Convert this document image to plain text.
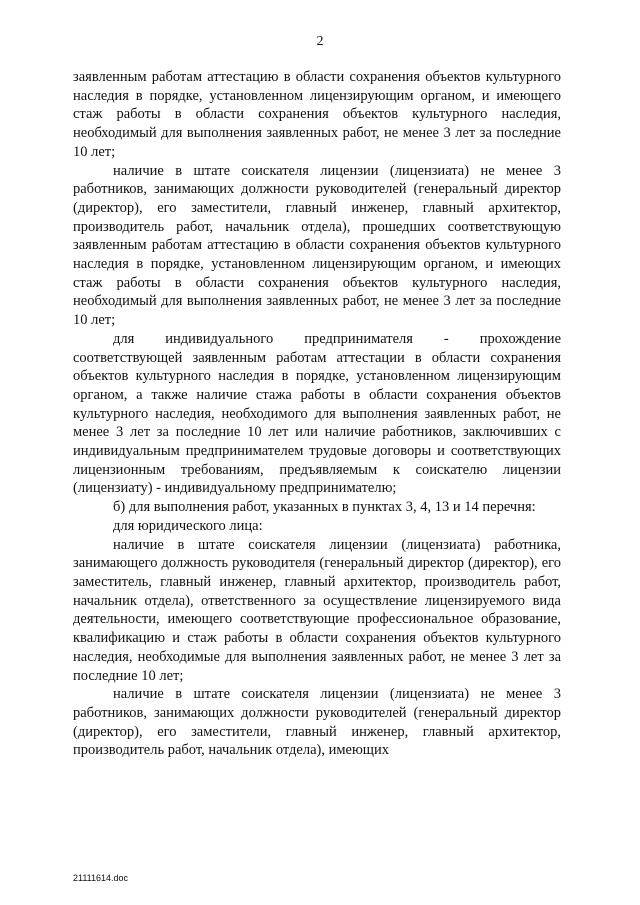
2

заявленным работам аттестацию в области сохранения объектов культурного наследия в порядке, установленном лицензирующим органом, и имеющего стаж работы в области сохранения объектов культурного наследия, необходимый для выполнения заявленных работ, не менее 3 лет за последние 10 лет;

наличие в штате соискателя лицензии (лицензиата) не менее 3 работников, занимающих должности руководителей (генеральный директор (директор), его заместители, главный инженер, главный архитектор, производитель работ, начальник отдела), прошедших соответствующую заявленным работам аттестацию в области сохранения объектов культурного наследия в порядке, установленном лицензирующим органом, и имеющих стаж работы в области сохранения объектов культурного наследия, необходимый для выполнения заявленных работ, не менее 3 лет за последние 10 лет;

для индивидуального предпринимателя - прохождение соответствующей заявленным работам аттестации в области сохранения объектов культурного наследия в порядке, установленном лицензирующим органом, а также наличие стажа работы в области сохранения объектов культурного наследия, необходимого для выполнения заявленных работ, не менее 3 лет за последние 10 лет или наличие работников, заключивших с индивидуальным предпринимателем трудовые договоры и соответствующих лицензионным требованиям, предъявляемым к соискателю лицензии (лицензиату) - индивидуальному предпринимателю;

б) для выполнения работ, указанных в пунктах 3, 4, 13 и 14 перечня:

для юридического лица:

наличие в штате соискателя лицензии (лицензиата) работника, занимающего должность руководителя (генеральный директор (директор), его заместитель, главный инженер, главный архитектор, производитель работ, начальник отдела), ответственного за осуществление лицензируемого вида деятельности, имеющего соответствующие профессиональное образование, квалификацию и стаж работы в области сохранения объектов культурного наследия, необходимые для выполнения заявленных работ, не менее 3 лет за последние 10 лет;

наличие в штате соискателя лицензии (лицензиата) не менее 3 работников, занимающих должности руководителей (генеральный директор (директор), его заместители, главный инженер, главный архитектор, производитель работ, начальник отдела), имеющих

21111614.doc
